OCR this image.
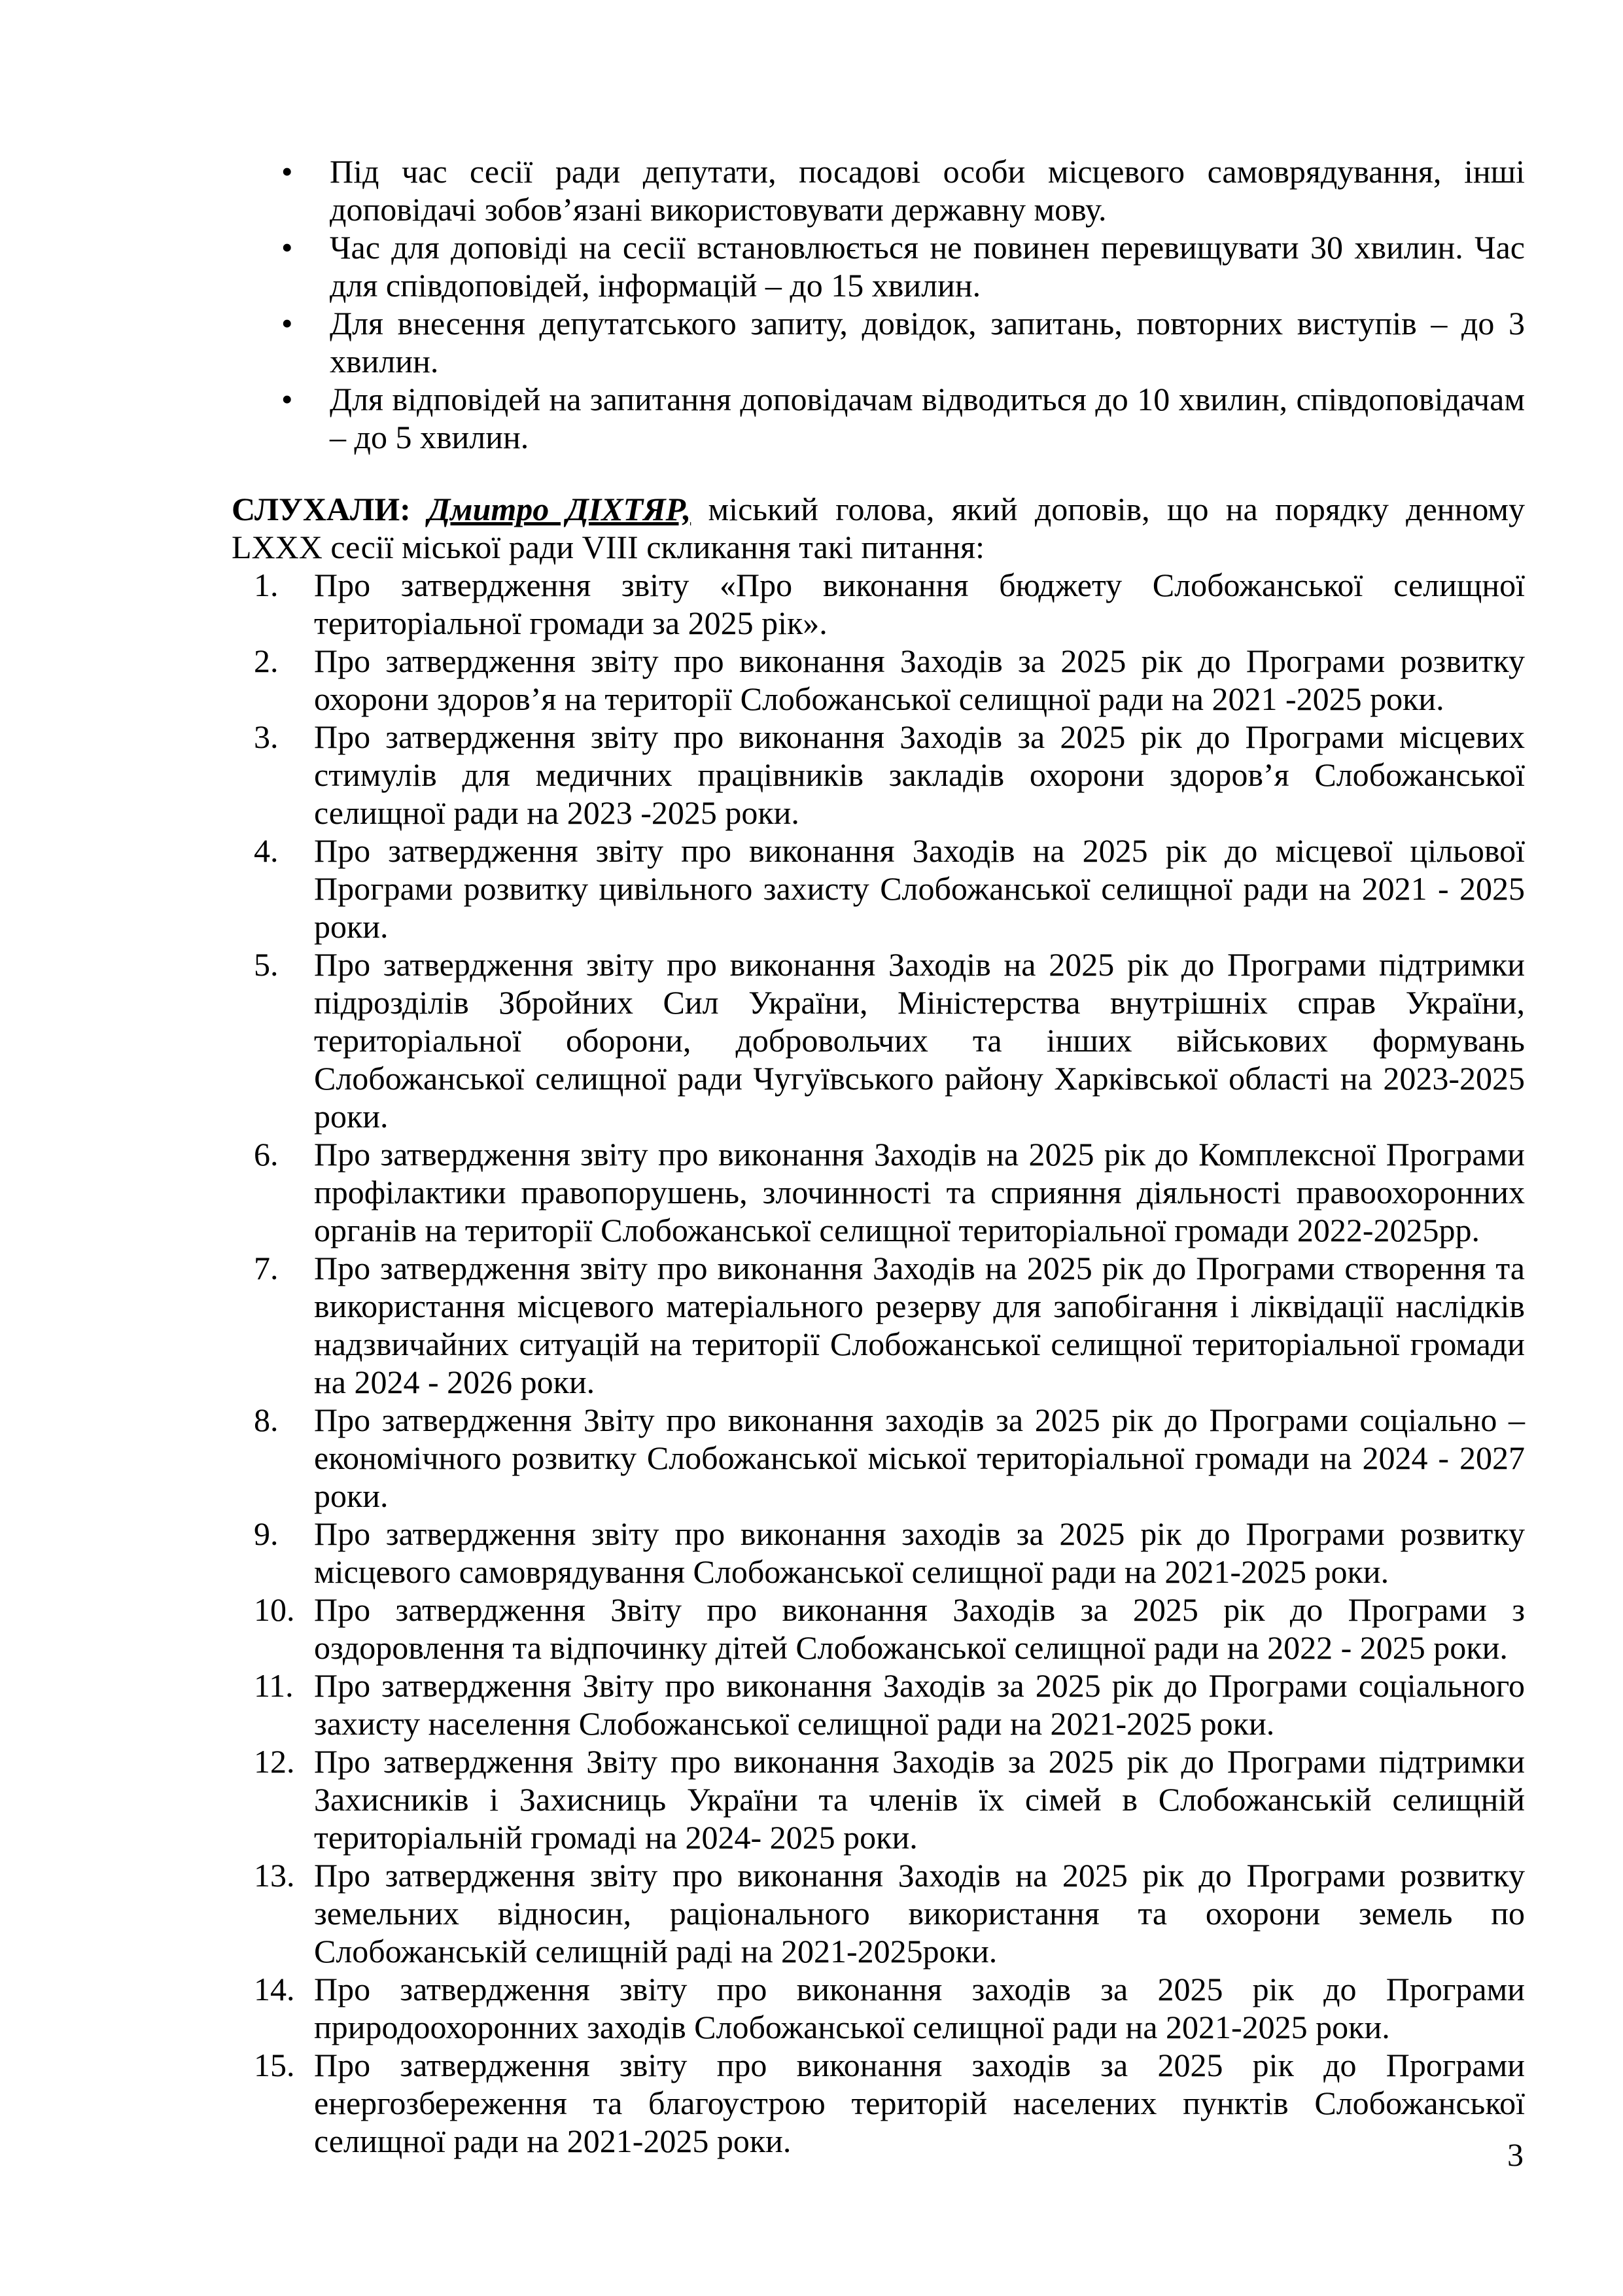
• Під час сесії ради депутати, посадові особи місцевого самоврядування, інші доповідачі зобов’язані використовувати державну мову.
• Час для доповіді на сесії встановлюється не повинен перевищувати 30 хвилин. Час для співдоповідей, інформацій – до 15 хвилин.
• Для внесення депутатського запиту, довідок, запитань, повторних виступів – до 3 хвилин.
• Для відповідей на запитання доповідачам відводиться до 10 хвилин, співдоповідачам – до 5 хвилин.

СЛУХАЛИ: Дмитро ДІХТЯР, міський голова, який доповів, що на порядку денному LXXX сесії міської ради VIII скликання такі питання:

Про затвердження звіту «Про виконання бюджету Слобожанської селищної територіальної громади за 2025 рік».
Про затвердження звіту про виконання Заходів за 2025 рік до Програми розвитку охорони здоров’я на території Слобожанської селищної ради на 2021 -2025 роки.
Про затвердження звіту про виконання Заходів за 2025 рік до Програми місцевих стимулів для медичних працівників закладів охорони здоров’я Слобожанської селищної ради на 2023 -2025 роки.
Про затвердження звіту про виконання Заходів на 2025 рік до місцевої цільової Програми розвитку цивільного захисту Слобожанської селищної ради на 2021 - 2025 роки.
Про затвердження звіту про виконання Заходів на 2025 рік до Програми підтримки підрозділів Збройних Сил України, Міністерства внутрішніх справ України, територіальної оборони, добровольчих та інших військових формувань Слобожанської селищної ради Чугуївського району Харківської області на 2023-2025 роки.
Про затвердження звіту про виконання Заходів на 2025 рік до Комплексної Програми профілактики правопорушень, злочинності та сприяння діяльності правоохоронних органів на території Слобожанської селищної територіальної громади 2022-2025рр.
Про затвердження звіту про виконання Заходів на 2025 рік до Програми створення та використання місцевого матеріального резерву для запобігання і ліквідації наслідків надзвичайних ситуацій на території Слобожанської селищної територіальної громади на 2024 - 2026 роки.
Про затвердження Звіту про виконання заходів за 2025 рік до Програми соціально – економічного розвитку Слобожанської міської територіальної громади на 2024 - 2027 роки.
Про затвердження звіту про виконання заходів за 2025 рік до Програми розвитку місцевого самоврядування Слобожанської селищної ради на 2021-2025 роки.
Про затвердження Звіту про виконання Заходів за 2025 рік до Програми з оздоровлення та відпочинку дітей Слобожанської селищної ради на 2022 - 2025 роки.
Про затвердження Звіту про виконання Заходів за 2025 рік до Програми соціального захисту населення Слобожанської селищної ради на 2021-2025 роки.
Про затвердження Звіту про виконання Заходів за 2025 рік до Програми підтримки Захисників і Захисниць України та членів їх сімей в Слобожанській селищній територіальній громаді на 2024- 2025 роки.
Про затвердження звіту про виконання Заходів на 2025 рік до Програми розвитку земельних відносин, раціонального використання та охорони земель по Слобожанській селищній раді на 2021-2025роки.
Про затвердження звіту про виконання заходів за 2025 рік до Програми природоохоронних заходів Слобожанської селищної ради на 2021-2025 роки.
Про затвердження звіту про виконання заходів за 2025 рік до Програми енергозбереження та благоустрою територій населених пунктів Слобожанської селищної ради на 2021-2025 роки.	3
